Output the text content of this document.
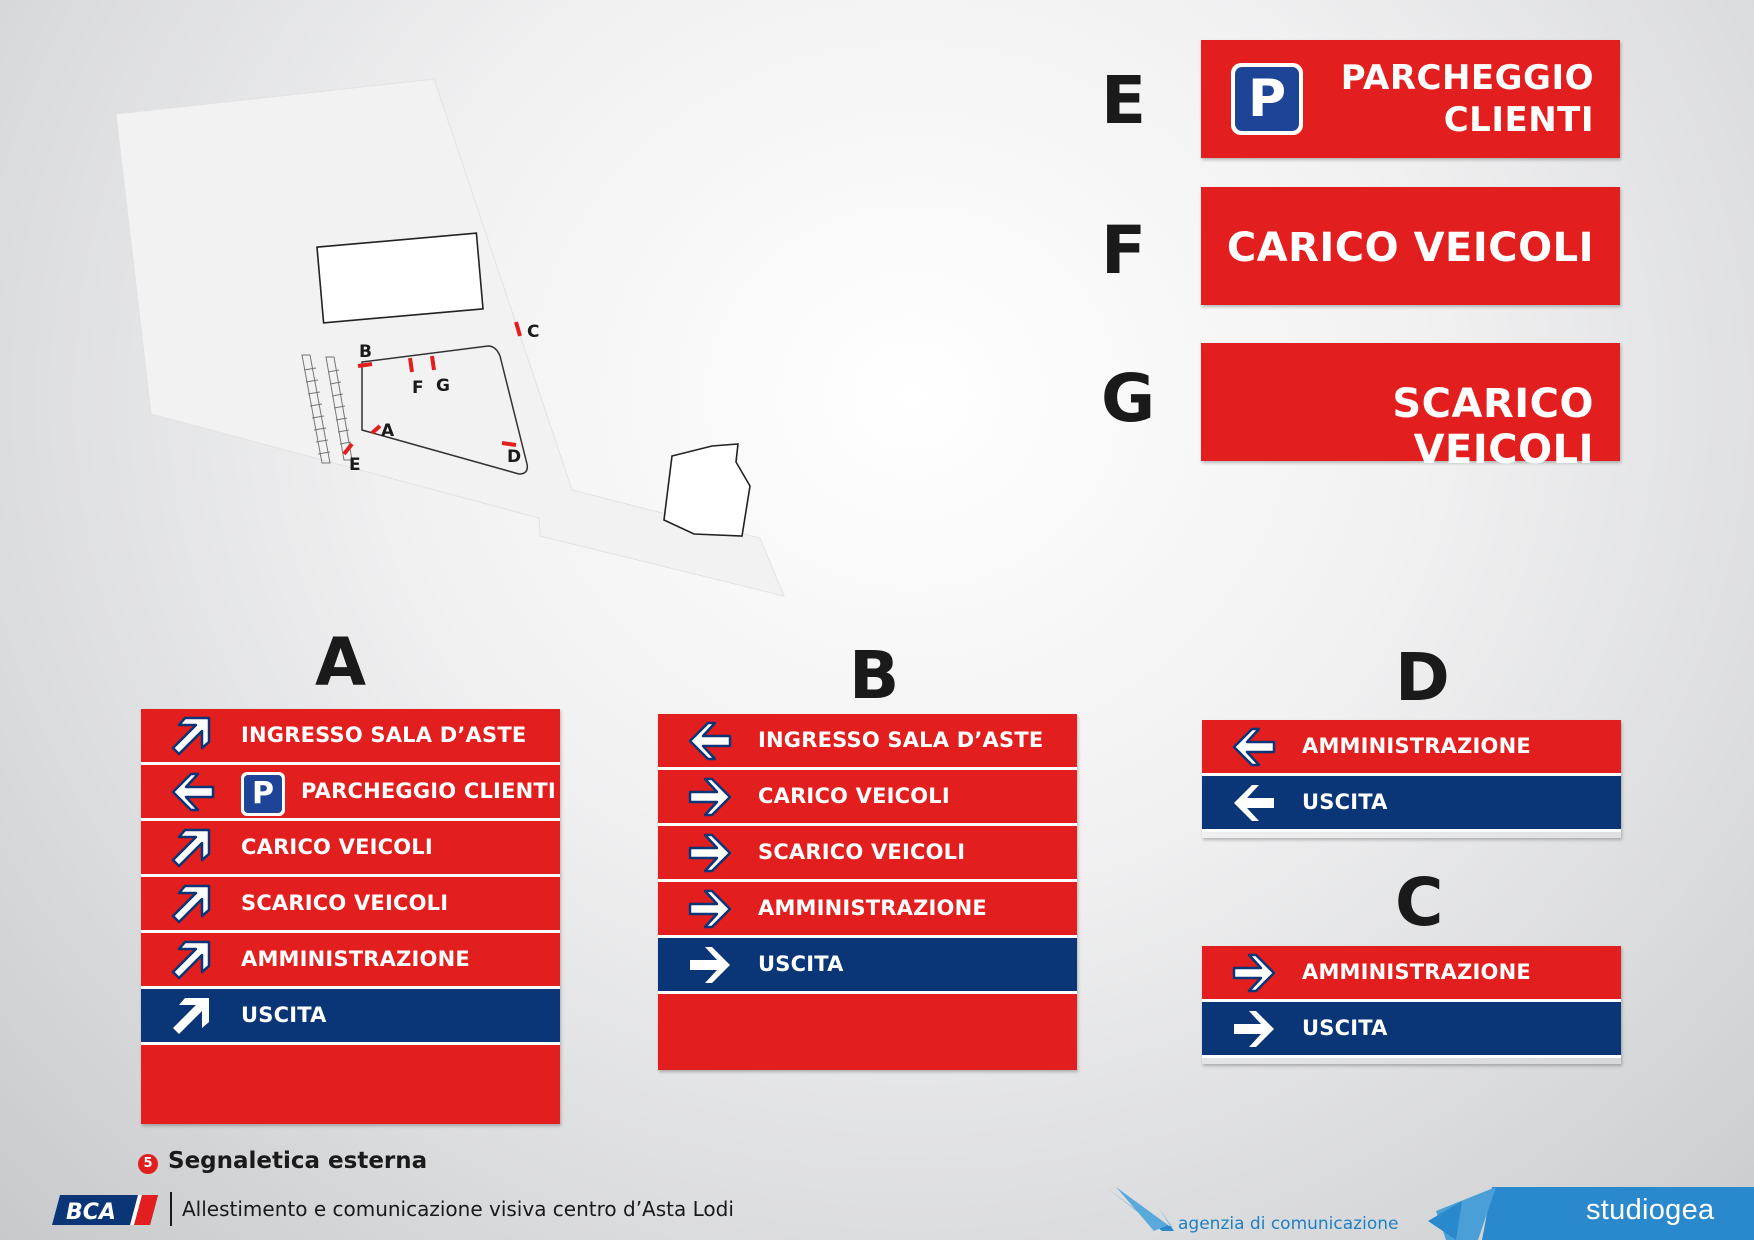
A
B
C
D
E
F G
E P	PARCHEGGIO
CLIENTI
F CARICO VEICOLI
G	SCARICO VEICOLI
A	B	D
C
INGRESSO SALA D’ASTE
P	PARCHEGGIO CLIENTI
CARICO VEICOLI
SCARICO VEICOLI
AMMINISTRAZIONE
USCITA
INGRESSO SALA D’ASTE
CARICO VEICOLI
SCARICO VEICOLI
AMMINISTRAZIONE
USCITA
AMMINISTRAZIONE
USCITA
AMMINISTRAZIONE
USCITA
5 Segnaletica esterna
BCA	Allestimento e comunicazione visiva centro d’Asta Lodi
agenzia di comunicazione	studiogea
